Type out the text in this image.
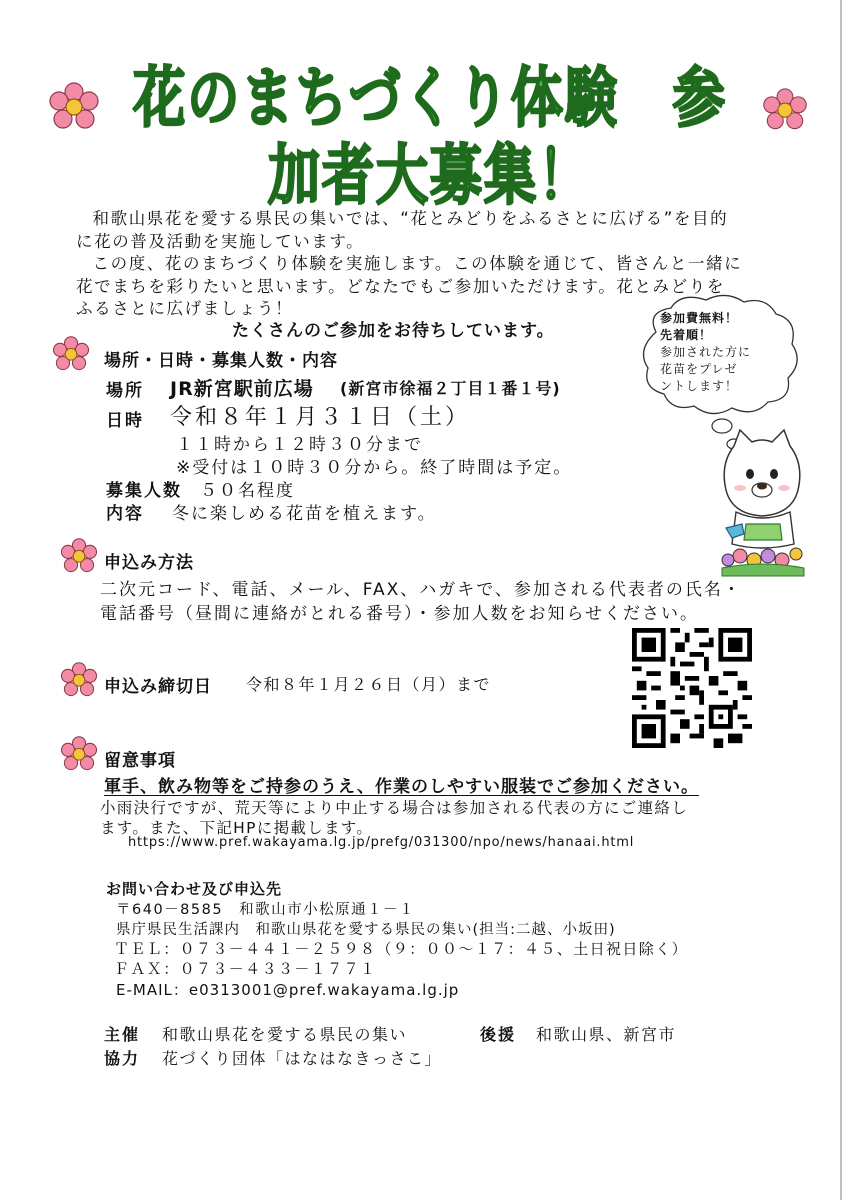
花のまちづくり体験　参加者大募集！

和歌山県花を愛する県民の集いでは、“花とみどりをふるさとに広げる”を目的

に花の普及活動を実施しています。

この度、花のまちづくり体験を実施します。この体験を通じて、皆さんと一緒に

花でまちを彩りたいと思います。どなたでもご参加いただけます。花とみどりを

ふるさとに広げましょう！

たくさんのご参加をお待ちしています。
参加費無料！
先着順！
参加された方に
花苗をプレゼ
ントします！
場所・日時・募集人数・内容
場所 JR新宮駅前広場 (新宮市徐福２丁目１番１号)
日時 令和８年１月３１日（土）
１１時から１２時３０分まで
※受付は１０時３０分から。終了時間は予定。
募集人数 ５０名程度
内容 冬に楽しめる花苗を植えます。
申込み方法
二次元コード、電話、メール、FAX、ハガキで、参加される代表者の氏名・
電話番号（昼間に連絡がとれる番号）・参加人数をお知らせください。
申込み締切日 令和８年１月２６日（月）まで
留意事項
軍手、飲み物等をご持参のうえ、作業のしやすい服装でご参加ください。
小雨決行ですが、荒天等により中止する場合は参加される代表の方にご連絡し
ます。また、下記HPに掲載します。
https://www.pref.wakayama.lg.jp/prefg/031300/npo/news/hanaai.html
お問い合わせ及び申込先
〒640－8585　和歌山市小松原通１－１
県庁県民生活課内　和歌山県花を愛する県民の集い(担当:二越、小坂田)
ＴＥＬ：０７３－４４１－２５９８（９：００～１７：４５、土日祝日除く）
ＦＡＸ：０７３－４３３－１７７１
E-MAIL：e0313001@pref.wakayama.lg.jp
主催 和歌山県花を愛する県民の集い	後援 和歌山県、新宮市
協力 花づくり団体「はなはなきっさこ」
